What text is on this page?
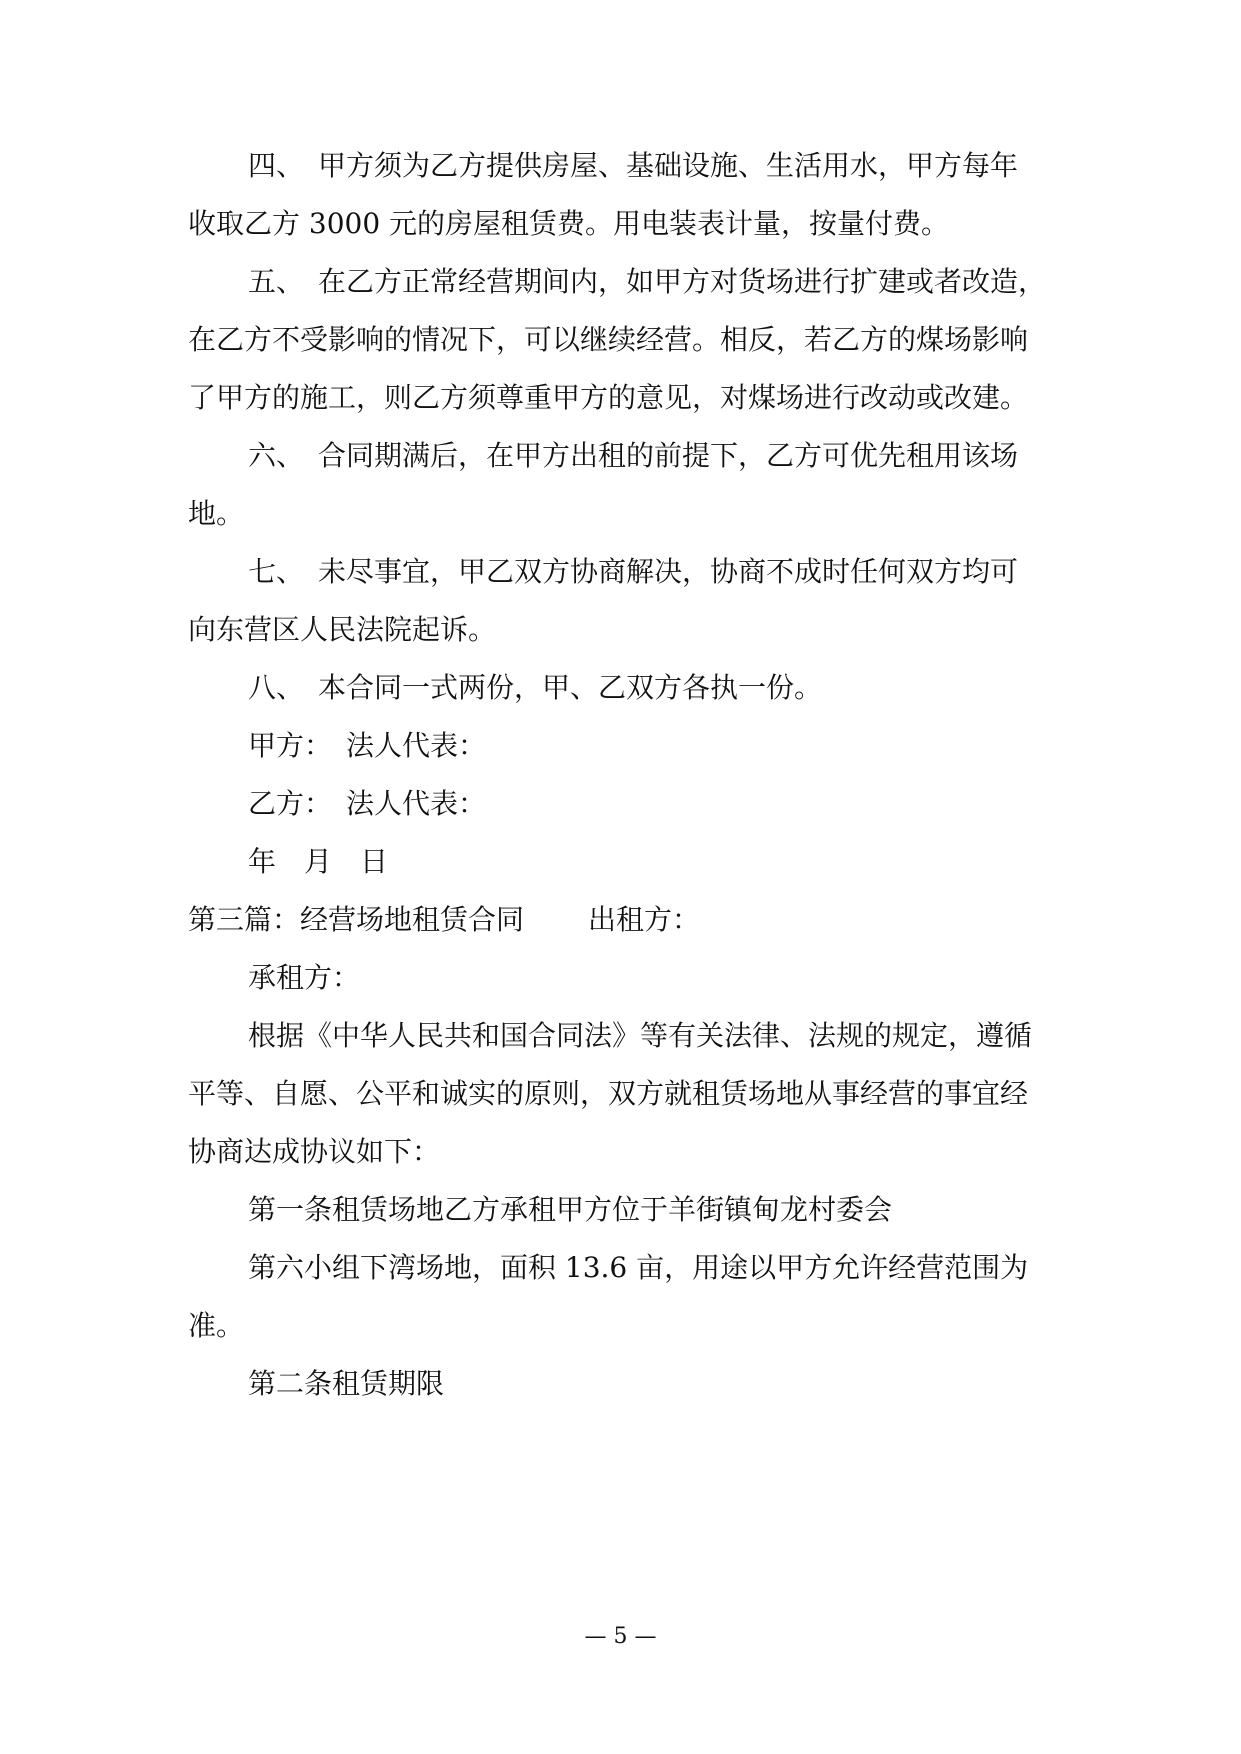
四、　甲方须为乙方提供房屋、基础设施、生活用水，甲方每年
收取乙方 3000 元的房屋租赁费。用电装表计量，按量付费。
五、　在乙方正常经营期间内，如甲方对货场进行扩建或者改造，
在乙方不受影响的情况下，可以继续经营。相反，若乙方的煤场影响
了甲方的施工，则乙方须尊重甲方的意见，对煤场进行改动或改建。
六、　合同期满后，在甲方出租的前提下，乙方可优先租用该场
地。
七、　未尽事宜，甲乙双方协商解决，协商不成时任何双方均可
向东营区人民法院起诉。
八、　本合同一式两份，甲、乙双方各执一份。
甲方：　法人代表：
乙方：　法人代表：
年　月　日
第三篇：经营场地租赁合同 出租方：
承租方：
根据《中华人民共和国合同法》等有关法律、法规的规定，遵循
平等、自愿、公平和诚实的原则，双方就租赁场地从事经营的事宜经
协商达成协议如下：
第一条租赁场地乙方承租甲方位于羊街镇甸龙村委会
第六小组下湾场地，面积 13.6 亩，用途以甲方允许经营范围为
准。
第二条租赁期限
— 5 —
